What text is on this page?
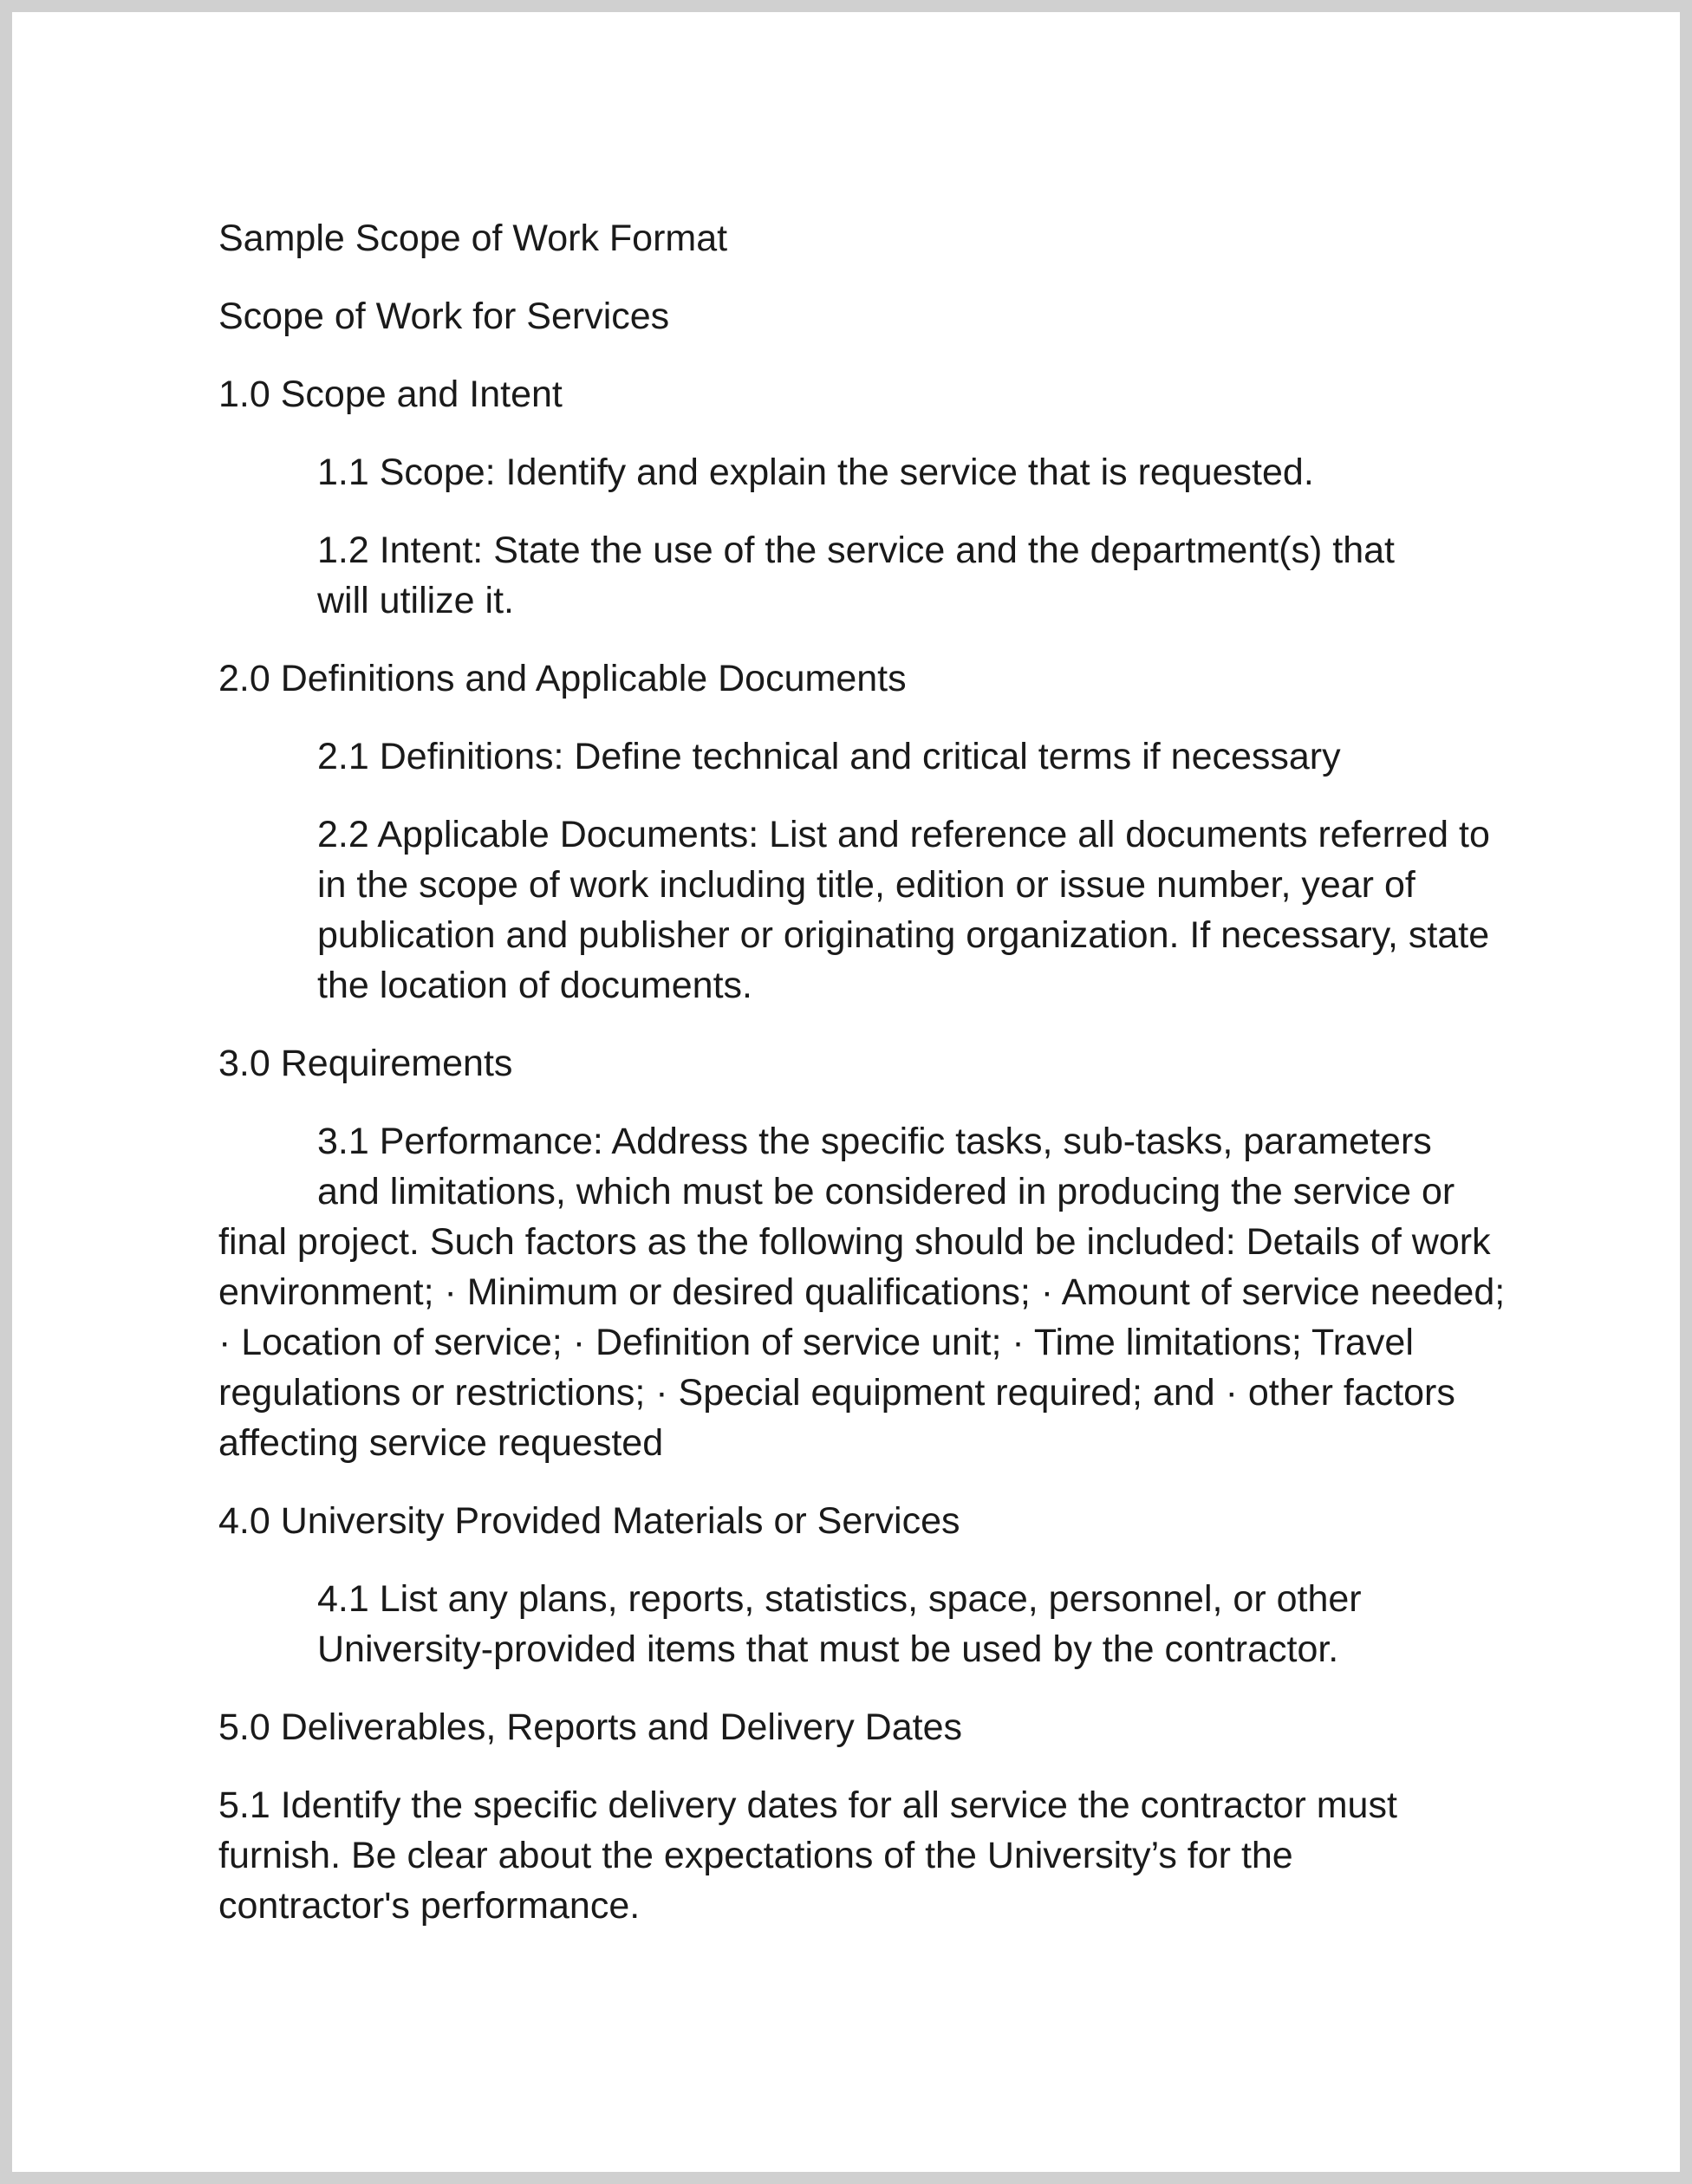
Sample Scope of Work Format

Scope of Work for Services

1.0 Scope and Intent

1.1 Scope: Identify and explain the service that is requested.

1.2 Intent: State the use of the service and the department(s) that will utilize it.

2.0 Definitions and Applicable Documents

2.1 Definitions: Define technical and critical terms if necessary

2.2 Applicable Documents: List and reference all documents referred to in the scope of work including title, edition or issue number, year of publication and publisher or originating organization. If necessary, state the location of documents.

3.0 Requirements

3.1 Performance: Address the specific tasks, sub-tasks, parameters
and limitations, which must be considered in producing the service or
final project. Such factors as the following should be included: Details of work environment; · Minimum or desired qualifications; · Amount of service needed; · Location of service; · Definition of service unit; · Time limitations; Travel regulations or restrictions; · Special equipment required; and · other factors affecting service requested

4.0 University Provided Materials or Services

4.1 List any plans, reports, statistics, space, personnel, or other University-provided items that must be used by the contractor.

5.0 Deliverables, Reports and Delivery Dates

5.1 Identify the specific delivery dates for all service the contractor must furnish. Be clear about the expectations of the University’s for the contractor's performance.
